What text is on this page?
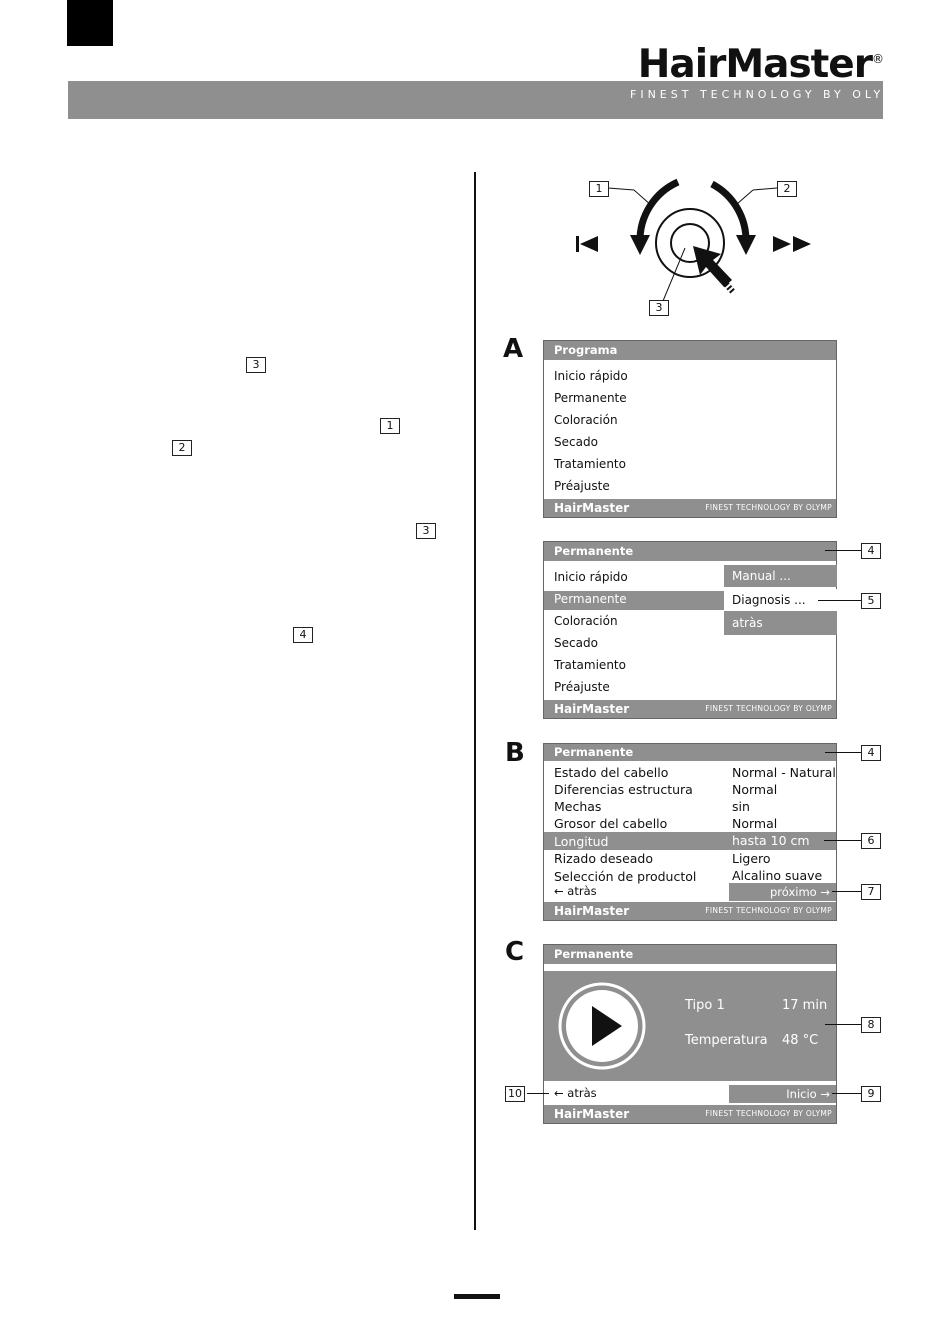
HairMaster®
FINEST TECHNOLOGY BY OLYMP
3
1
2
3
4
1	2
3
A	Programa
Inicio rápido
Permanente
Coloración
Secado
Tratamiento
Préajuste
HairMaster	FINEST TECHNOLOGY BY OLYMP
Permanente
Inicio rápido
Permanente
Coloración
Secado
Tratamiento
Préajuste
Manual ...
Diagnosis ...
atràs
HairMaster	FINEST TECHNOLOGY BY OLYMP
4
5
B	Permanente
Estado del cabello	Normal - Natural
Diferencias estructura	Normal
Mechas	sin
Grosor del cabello	Normal
Longitud	hasta 10 cm
Rizado deseado	Ligero
Selección de productol	Alcalino suave
← atràs	próximo →
HairMaster	FINEST TECHNOLOGY BY OLYMP
4
6
7
C	Permanente
Tipo 1	17 min
Temperatura 48 °C
← atràs	Inicio →
HairMaster	FINEST TECHNOLOGY BY OLYMP
8
9
10
